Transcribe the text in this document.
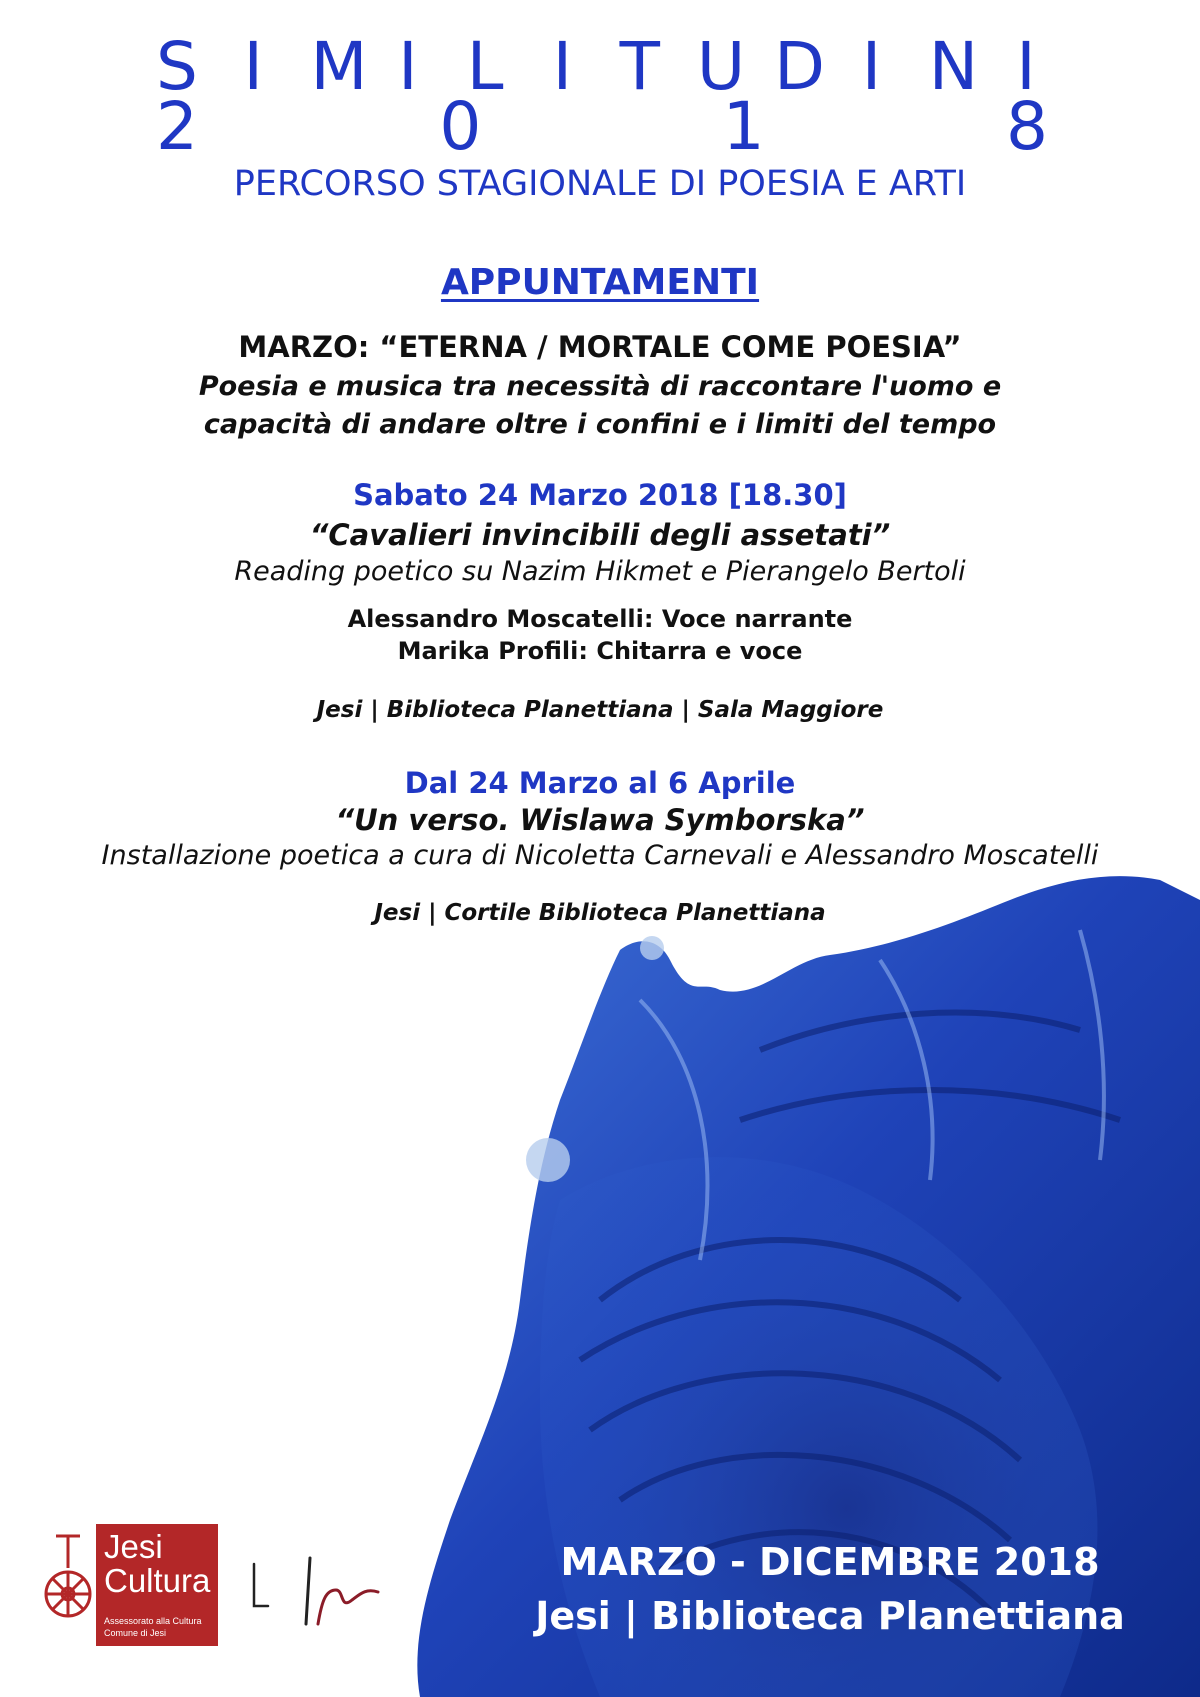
S I M I L I T U D I N I
2	0	1	8
PERCORSO STAGIONALE DI POESIA E ARTI
APPUNTAMENTI
MARZO: “ETERNA / MORTALE COME POESIA”
Poesia e musica tra necessità di raccontare l'uomo e
capacità di andare oltre i confini e i limiti del tempo
Sabato 24 Marzo 2018 [18.30]
“Cavalieri invincibili degli assetati”
Reading poetico su Nazim Hikmet e Pierangelo Bertoli
Alessandro Moscatelli: Voce narrante
Marika Profili: Chitarra e voce
Jesi | Biblioteca Planettiana | Sala Maggiore
Dal 24 Marzo al 6 Aprile
“Un verso. Wislawa Symborska”
Installazione poetica a cura di Nicoletta Carnevali e Alessandro Moscatelli
Jesi | Cortile Biblioteca Planettiana
MARZO - DICEMBRE 2018
Jesi | Biblioteca Planettiana
Jesi
Cultura
Assessorato alla Cultura
Comune di Jesi
